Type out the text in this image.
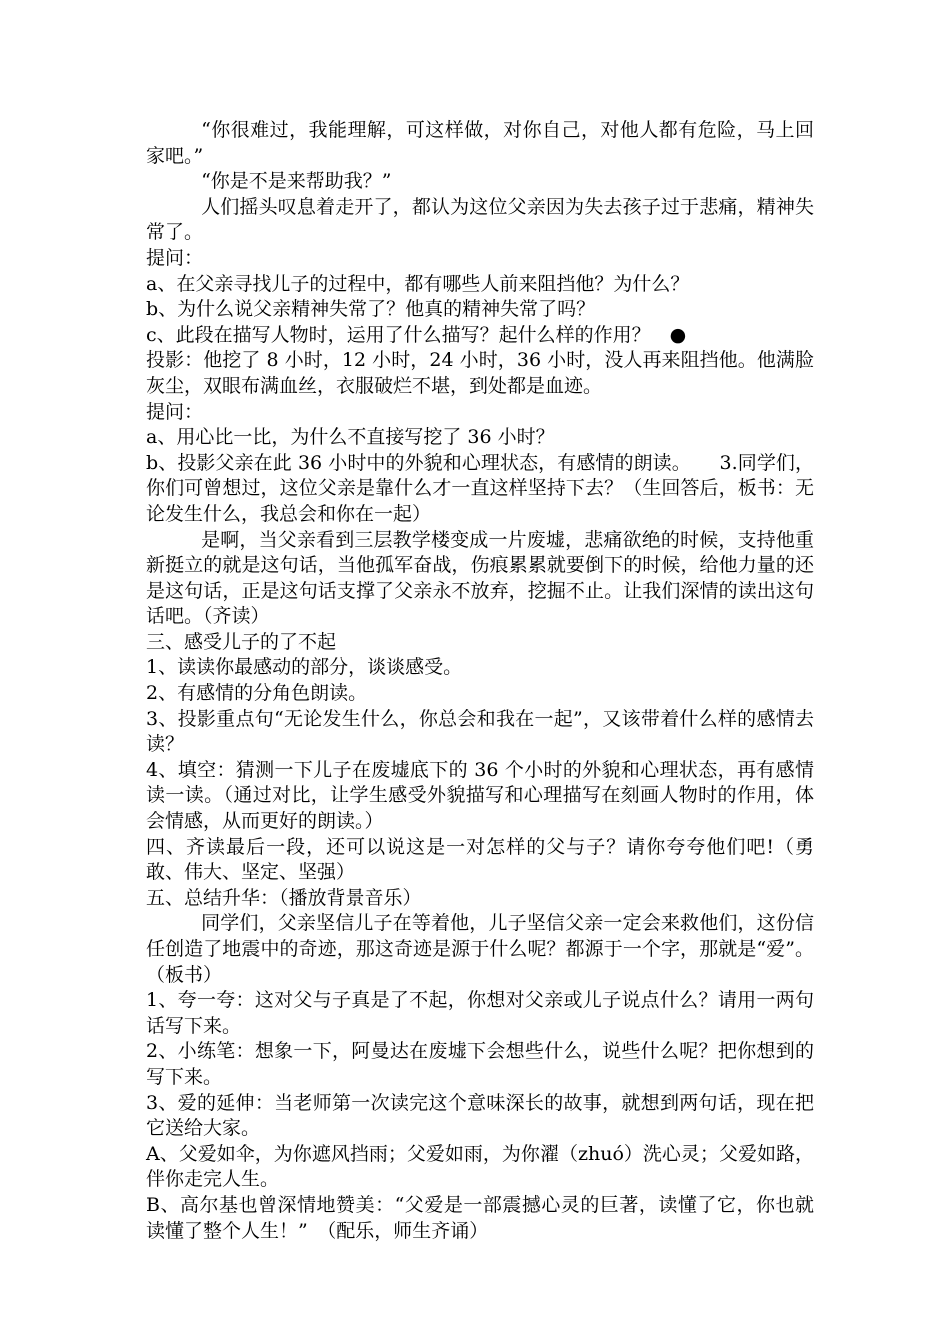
“你很难过，我能理解，可这样做，对你自己，对他人都有危险，马上回家吧。”

“你是不是来帮助我？”

人们摇头叹息着走开了，都认为这位父亲因为失去孩子过于悲痛，精神失常了。

提问：

a、在父亲寻找儿子的过程中，都有哪些人前来阻挡他？为什么？

b、为什么说父亲精神失常了？他真的精神失常了吗？

c、此段在描写人物时，运用了什么描写？起什么样的作用？　●

投影：他挖了 8 小时，12 小时，24 小时，36 小时，没人再来阻挡他。他满脸灰尘，双眼布满血丝，衣服破烂不堪，到处都是血迹。

提问：

a、用心比一比，为什么不直接写挖了 36 小时？

b、投影父亲在此 36 小时中的外貌和心理状态，有感情的朗读。　　3.同学们，你们可曾想过，这位父亲是靠什么才一直这样坚持下去？（生回答后，板书：无论发生什么，我总会和你在一起）

是啊，当父亲看到三层教学楼变成一片废墟，悲痛欲绝的时候，支持他重新挺立的就是这句话，当他孤军奋战，伤痕累累就要倒下的时候，给他力量的还是这句话，正是这句话支撑了父亲永不放弃，挖掘不止。让我们深情的读出这句话吧。（齐读）

三、感受儿子的了不起

1、读读你最感动的部分，谈谈感受。

2、有感情的分角色朗读。

3、投影重点句“无论发生什么，你总会和我在一起”，又该带着什么样的感情去读？

4、填空：猜测一下儿子在废墟底下的 36 个小时的外貌和心理状态，再有感情读一读。（通过对比，让学生感受外貌描写和心理描写在刻画人物时的作用，体会情感，从而更好的朗读。）

四、齐读最后一段，还可以说这是一对怎样的父与子？请你夸夸他们吧!（勇敢、伟大、坚定、坚强）

五、总结升华：（播放背景音乐）

同学们，父亲坚信儿子在等着他，儿子坚信父亲一定会来救他们，这份信任创造了地震中的奇迹，那这奇迹是源于什么呢？都源于一个字，那就是“爱”。（板书）

1、夸一夸：这对父与子真是了不起，你想对父亲或儿子说点什么？请用一两句话写下来。

2、小练笔：想象一下，阿曼达在废墟下会想些什么，说些什么呢？把你想到的写下来。

3、爱的延伸：当老师第一次读完这个意味深长的故事，就想到两句话，现在把它送给大家。

A、父爱如伞，为你遮风挡雨；父爱如雨，为你濯（zhuó）洗心灵；父爱如路，伴你走完人生。

B、高尔基也曾深情地赞美：“父爱是一部震撼心灵的巨著，读懂了它，你也就读懂了整个人生！”　（配乐，师生齐诵）
